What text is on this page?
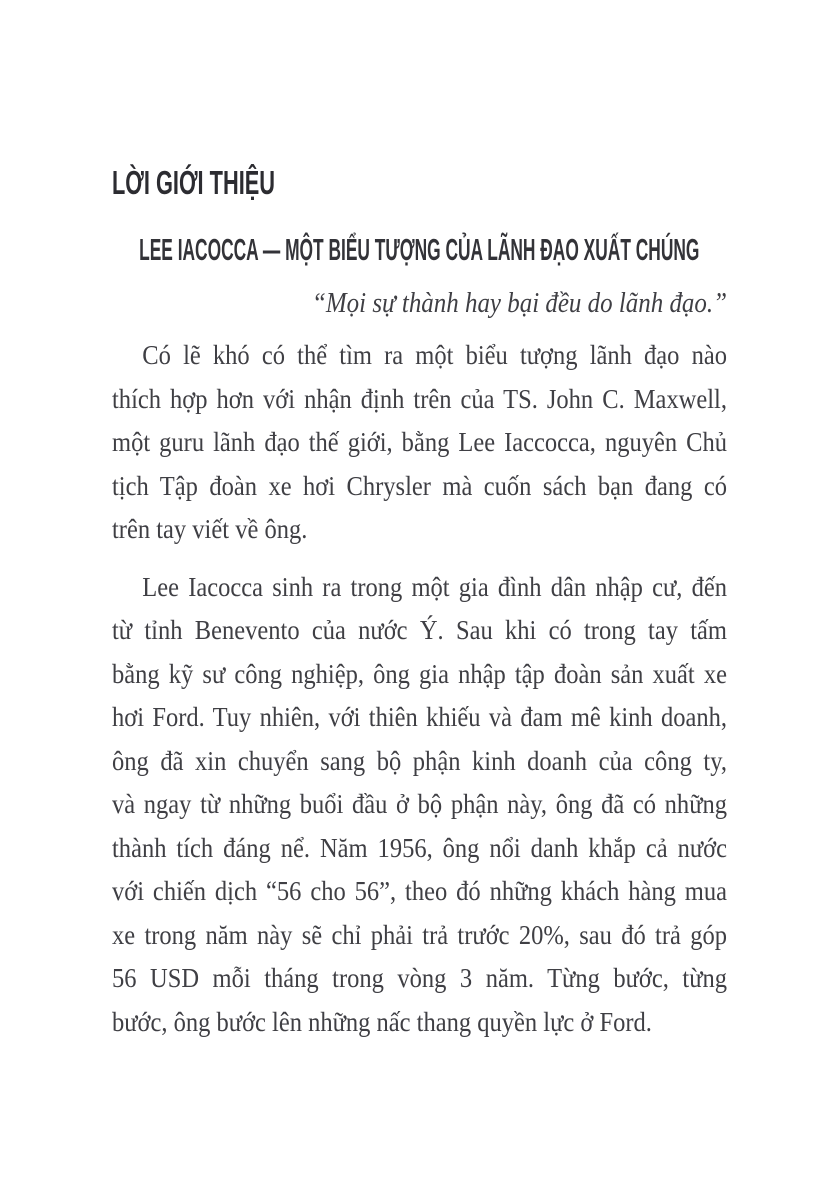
LỜI GIỚI THIỆU
LEE IACOCCA — MỘT BIỂU TƯỢNG CỦA LÃNH ĐẠO XUẤT CHÚNG
“Mọi sự thành hay bại đều do lãnh đạo.”
Có lẽ khó có thể tìm ra một biểu tượng lãnh đạo nào
thích hợp hơn với nhận định trên của TS. John C. Maxwell,
một guru lãnh đạo thế giới, bằng Lee Iaccocca, nguyên Chủ
tịch Tập đoàn xe hơi Chrysler mà cuốn sách bạn đang có
trên tay viết về ông.
Lee Iacocca sinh ra trong một gia đình dân nhập cư, đến
từ tỉnh Benevento của nước Ý. Sau khi có trong tay tấm
bằng kỹ sư công nghiệp, ông gia nhập tập đoàn sản xuất xe
hơi Ford. Tuy nhiên, với thiên khiếu và đam mê kinh doanh,
ông đã xin chuyển sang bộ phận kinh doanh của công ty,
và ngay từ những buổi đầu ở bộ phận này, ông đã có những
thành tích đáng nể. Năm 1956, ông nổi danh khắp cả nước
với chiến dịch “56 cho 56”, theo đó những khách hàng mua
xe trong năm này sẽ chỉ phải trả trước 20%, sau đó trả góp
56 USD mỗi tháng trong vòng 3 năm. Từng bước, từng
bước, ông bước lên những nấc thang quyền lực ở Ford.
